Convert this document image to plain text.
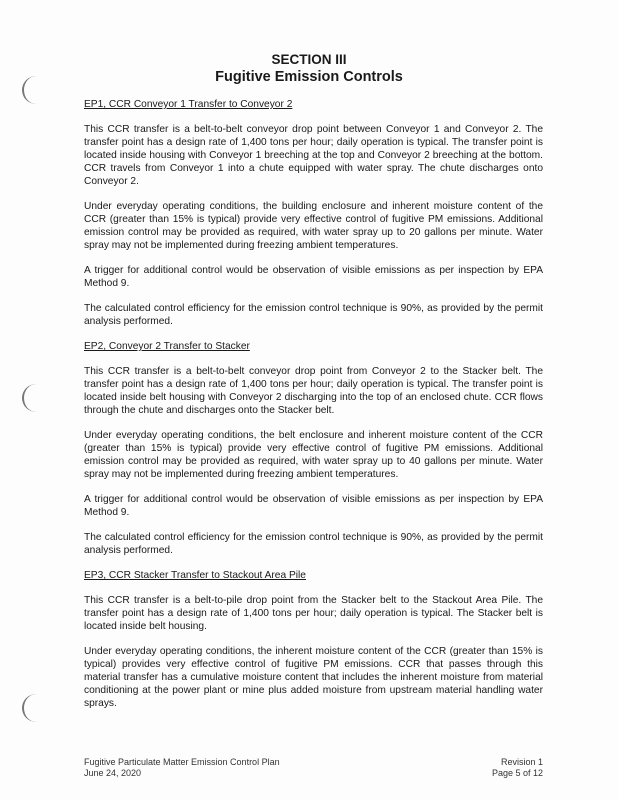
SECTION III
Fugitive Emission Controls
EP1, CCR Conveyor 1 Transfer to Conveyor 2

This CCR transfer is a belt-to-belt conveyor drop point between Conveyor 1 and Conveyor 2. The transfer point has a design rate of 1,400 tons per hour; daily operation is typical. The transfer point is located inside housing with Conveyor 1 breeching at the top and Conveyor 2 breeching at the bottom. CCR travels from Conveyor 1 into a chute equipped with water spray. The chute discharges onto Conveyor 2.

Under everyday operating conditions, the building enclosure and inherent moisture content of the CCR (greater than 15% is typical) provide very effective control of fugitive PM emissions. Additional emission control may be provided as required, with water spray up to 20 gallons per minute. Water spray may not be implemented during freezing ambient temperatures.

A trigger for additional control would be observation of visible emissions as per inspection by EPA Method 9.

The calculated control efficiency for the emission control technique is 90%, as provided by the permit analysis performed.

EP2, Conveyor 2 Transfer to Stacker

This CCR transfer is a belt-to-belt conveyor drop point from Conveyor 2 to the Stacker belt. The transfer point has a design rate of 1,400 tons per hour; daily operation is typical. The transfer point is located inside belt housing with Conveyor 2 discharging into the top of an enclosed chute. CCR flows through the chute and discharges onto the Stacker belt.

Under everyday operating conditions, the belt enclosure and inherent moisture content of the CCR (greater than 15% is typical) provide very effective control of fugitive PM emissions. Additional emission control may be provided as required, with water spray up to 40 gallons per minute. Water spray may not be implemented during freezing ambient temperatures.

A trigger for additional control would be observation of visible emissions as per inspection by EPA Method 9.

The calculated control efficiency for the emission control technique is 90%, as provided by the permit analysis performed.

EP3, CCR Stacker Transfer to Stackout Area Pile

This CCR transfer is a belt-to-pile drop point from the Stacker belt to the Stackout Area Pile. The transfer point has a design rate of 1,400 tons per hour; daily operation is typical. The Stacker belt is located inside belt housing.

Under everyday operating conditions, the inherent moisture content of the CCR (greater than 15% is typical) provides very effective control of fugitive PM emissions. CCR that passes through this material transfer has a cumulative moisture content that includes the inherent moisture from material conditioning at the power plant or mine plus added moisture from upstream material handling water sprays.

Fugitive Particulate Matter Emission Control Plan
June 24, 2020
Revision 1
Page 5 of 12
